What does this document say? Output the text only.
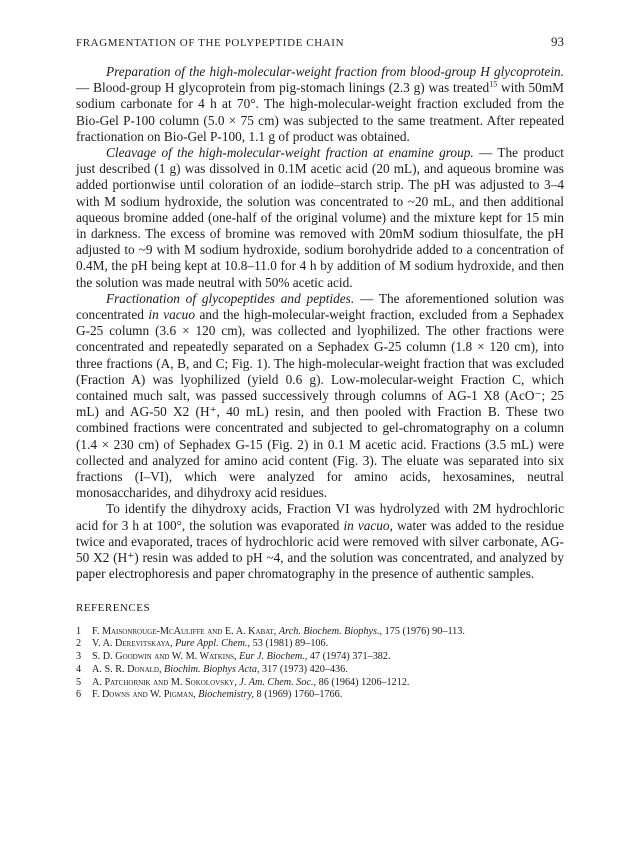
FRAGMENTATION OF THE POLYPEPTIDE CHAIN	93

Preparation of the high-molecular-weight fraction from blood-group H glycoprotein. — Blood-group H glycoprotein from pig-stomach linings (2.3 g) was treated$^{15}$ with 50mM sodium carbonate for 4 h at 70°. The high-molecular-weight fraction excluded from the Bio-Gel P-100 column (5.0 × 75 cm) was subjected to the same treatment. After repeated fractionation on Bio-Gel P-100, 1.1 g of product was obtained.

Cleavage of the high-molecular-weight fraction at enamine group. — The product just described (1 g) was dissolved in 0.1M acetic acid (20 mL), and aqueous bromine was added portionwise until coloration of an iodide–starch strip. The pH was adjusted to 3–4 with M sodium hydroxide, the solution was concentrated to ~20 mL, and then additional aqueous bromine added (one-half of the original volume) and the mixture kept for 15 min in darkness. The excess of bromine was removed with 20mM sodium thiosulfate, the pH adjusted to ~9 with M sodium hydroxide, sodium borohydride added to a concentration of 0.4M, the pH being kept at 10.8–11.0 for 4 h by addition of M sodium hydroxide, and then the solution was made neutral with 50% acetic acid.

Fractionation of glycopeptides and peptides. — The aforementioned solution was concentrated in vacuo and the high-molecular-weight fraction, excluded from a Sephadex G-25 column (3.6 × 120 cm), was collected and lyophilized. The other fractions were concentrated and repeatedly separated on a Sephadex G-25 column (1.8 × 120 cm), into three fractions (A, B, and C; Fig. 1). The high-molecular-weight fraction that was excluded (Fraction A) was lyophilized (yield 0.6 g). Low-molecular-weight Fraction C, which contained much salt, was passed successively through columns of AG-1 X8 (AcO⁻; 25 mL) and AG-50 X2 (H⁺, 40 mL) resin, and then pooled with Fraction B. These two combined fractions were concentrated and subjected to gel-chromatography on a column (1.4 × 230 cm) of Sephadex G-15 (Fig. 2) in 0.1 M acetic acid. Fractions (3.5 mL) were collected and analyzed for amino acid content (Fig. 3). The eluate was separated into six fractions (I–VI), which were analyzed for amino acids, hexosamines, neutral monosaccharides, and dihydroxy acid residues.

To identify the dihydroxy acids, Fraction VI was hydrolyzed with 2M hydrochloric acid for 3 h at 100°, the solution was evaporated in vacuo, water was added to the residue twice and evaporated, traces of hydrochloric acid were removed with silver carbonate, AG-50 X2 (H⁺) resin was added to pH ~4, and the solution was concentrated, and analyzed by paper electrophoresis and paper chromatography in the presence of authentic samples.

REFERENCES
1	F. Maisonrouge-McAuliffe and E. A. Kabat, Arch. Biochem. Biophys., 175 (1976) 90–113.
2	V. A. Derevitskaya, Pure Appl. Chem., 53 (1981) 89–106.
3	S. D. Goodwin and W. M. Watkins, Eur J. Biochem., 47 (1974) 371–382.
4	A. S. R. Donald, Biochim. Biophys Acta, 317 (1973) 420–436.
5	A. Patchornik and M. Sokolovsky, J. Am. Chem. Soc., 86 (1964) 1206–1212.
6	F. Downs and W. Pigman, Biochemistry, 8 (1969) 1760–1766.
